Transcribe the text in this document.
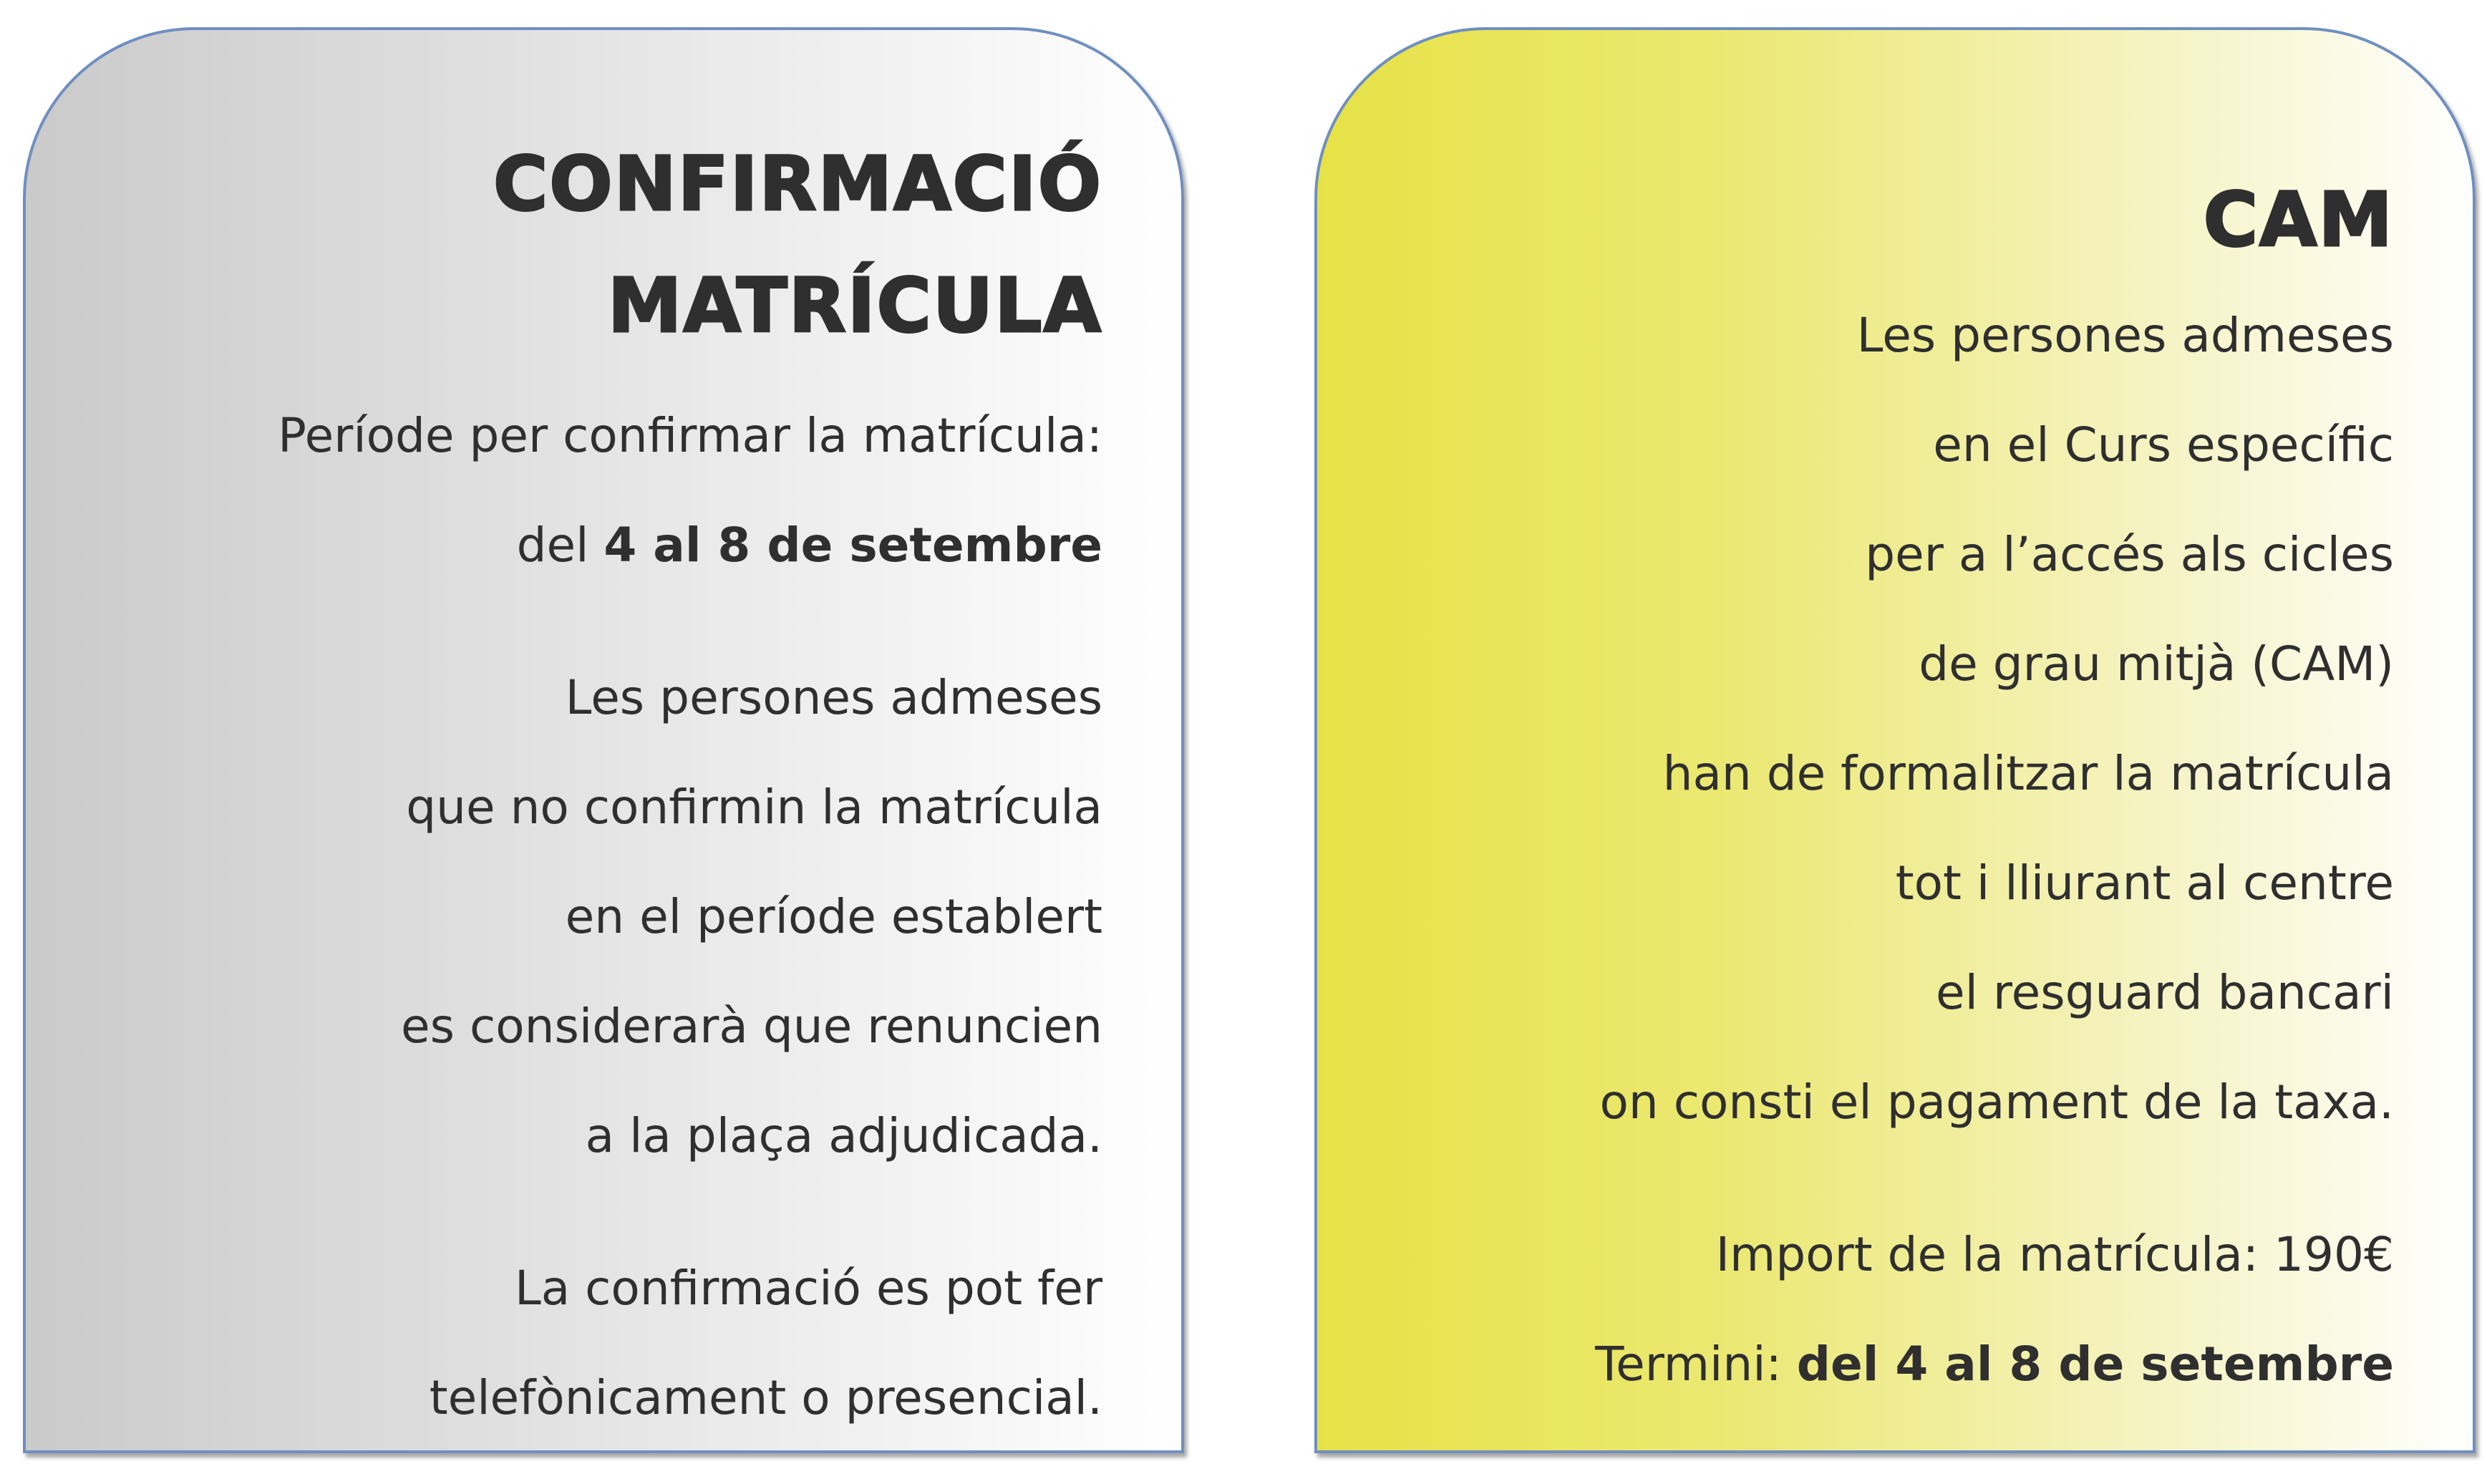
CONFIRMACIÓ
MATRÍCULA
Període per confirmar la matrícula:
del 4 al 8 de setembre
Les persones admeses
que no confirmin la matrícula
en el període establert
es considerarà que renuncien
a la plaça adjudicada.
La confirmació es pot fer
telefònicament o presencial.
CAM
Les persones admeses
en el Curs específic
per a l’accés als cicles
de grau mitjà (CAM)
han de formalitzar la matrícula
tot i lliurant al centre
el resguard bancari
on consti el pagament de la taxa.
Import de la matrícula: 190€
Termini: del 4 al 8 de setembre
